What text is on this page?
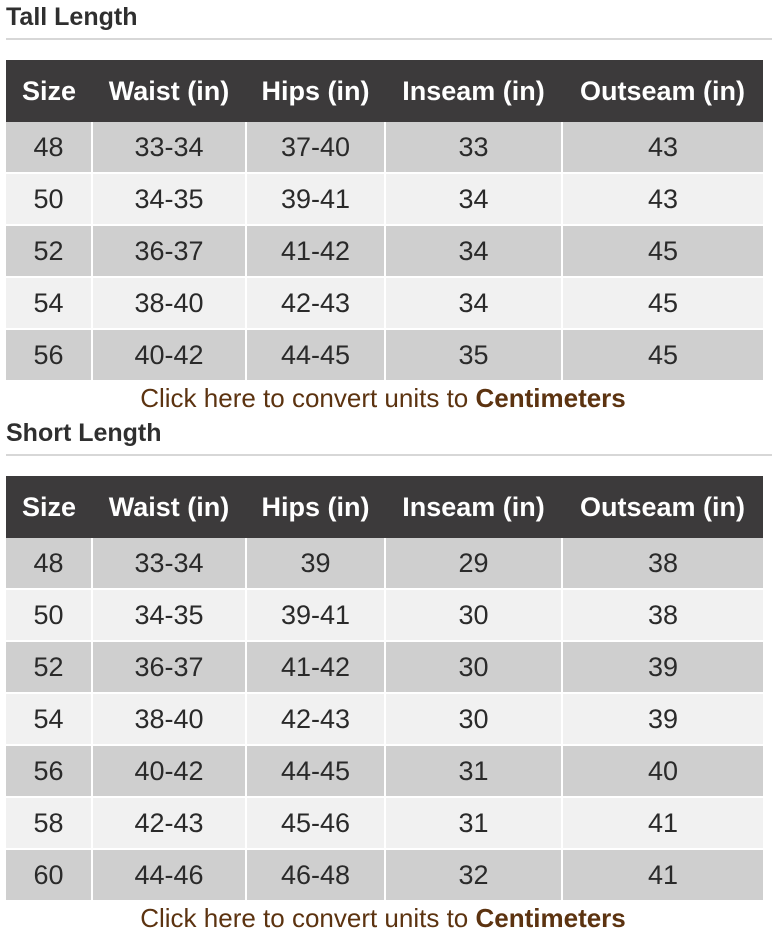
Tall Length
Size	Waist (in)	Hips (in)	Inseam (in)	Outseam (in)
48	33-34	37-40	33	43
50	34-35	39-41	34	43
52	36-37	41-42	34	45
54	38-40	42-43	34	45
56	40-42	44-45	35	45
Click here to convert units to Centimeters
Short Length
Size	Waist (in)	Hips (in)	Inseam (in)	Outseam (in)
48	33-34	39	29	38
50	34-35	39-41	30	38
52	36-37	41-42	30	39
54	38-40	42-43	30	39
56	40-42	44-45	31	40
58	42-43	45-46	31	41
60	44-46	46-48	32	41
Click here to convert units to Centimeters
